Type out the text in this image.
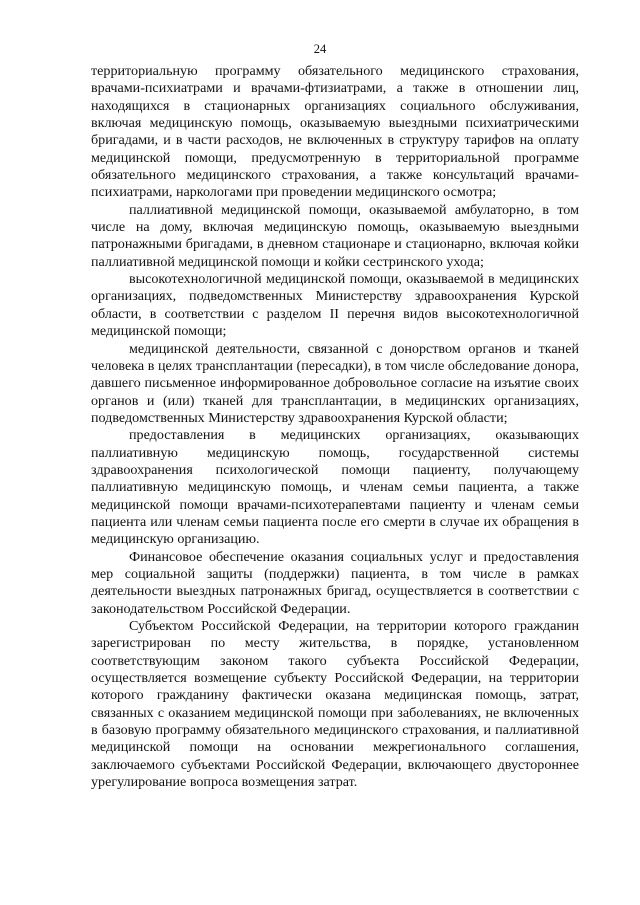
24

территориальную программу обязательного медицинского страхования, врачами-психиатрами и врачами-фтизиатрами, а также в отношении лиц, находящихся в стационарных организациях социального обслуживания, включая медицинскую помощь, оказываемую выездными психиатрическими бригадами, и в части расходов, не включенных в структуру тарифов на оплату медицинской помощи, предусмотренную в территориальной программе обязательного медицинского страхования, а также консультаций врачами-психиатрами, наркологами при проведении медицинского осмотра;

паллиативной медицинской помощи, оказываемой амбулаторно, в том числе на дому, включая медицинскую помощь, оказываемую выездными патронажными бригадами, в дневном стационаре и стационарно, включая койки паллиативной медицинской помощи и койки сестринского ухода;

высокотехнологичной медицинской помощи, оказываемой в медицинских организациях, подведомственных Министерству здравоохранения Курской области, в соответствии с разделом II перечня видов высокотехнологичной медицинской помощи;

медицинской деятельности, связанной с донорством органов и тканей человека в целях трансплантации (пересадки), в том числе обследование донора, давшего письменное информированное добровольное согласие на изъятие своих органов и (или) тканей для трансплантации, в медицинских организациях, подведомственных Министерству здравоохранения Курской области;

предоставления в медицинских организациях, оказывающих паллиативную медицинскую помощь, государственной системы здравоохранения психологической помощи пациенту, получающему паллиативную медицинскую помощь, и членам семьи пациента, а также медицинской помощи врачами-психотерапевтами пациенту и членам семьи пациента или членам семьи пациента после его смерти в случае их обращения в медицинскую организацию.

Финансовое обеспечение оказания социальных услуг и предоставления мер социальной защиты (поддержки) пациента, в том числе в рамках деятельности выездных патронажных бригад, осуществляется в соответствии с законодательством Российской Федерации.

Субъектом Российской Федерации, на территории которого гражданин зарегистрирован по месту жительства, в порядке, установленном соответствующим законом такого субъекта Российской Федерации, осуществляется возмещение субъекту Российской Федерации, на территории которого гражданину фактически оказана медицинская помощь, затрат, связанных с оказанием медицинской помощи при заболеваниях, не включенных в базовую программу обязательного медицинского страхования, и паллиативной медицинской помощи на основании межрегионального соглашения, заключаемого субъектами Российской Федерации, включающего двустороннее урегулирование вопроса возмещения затрат.
